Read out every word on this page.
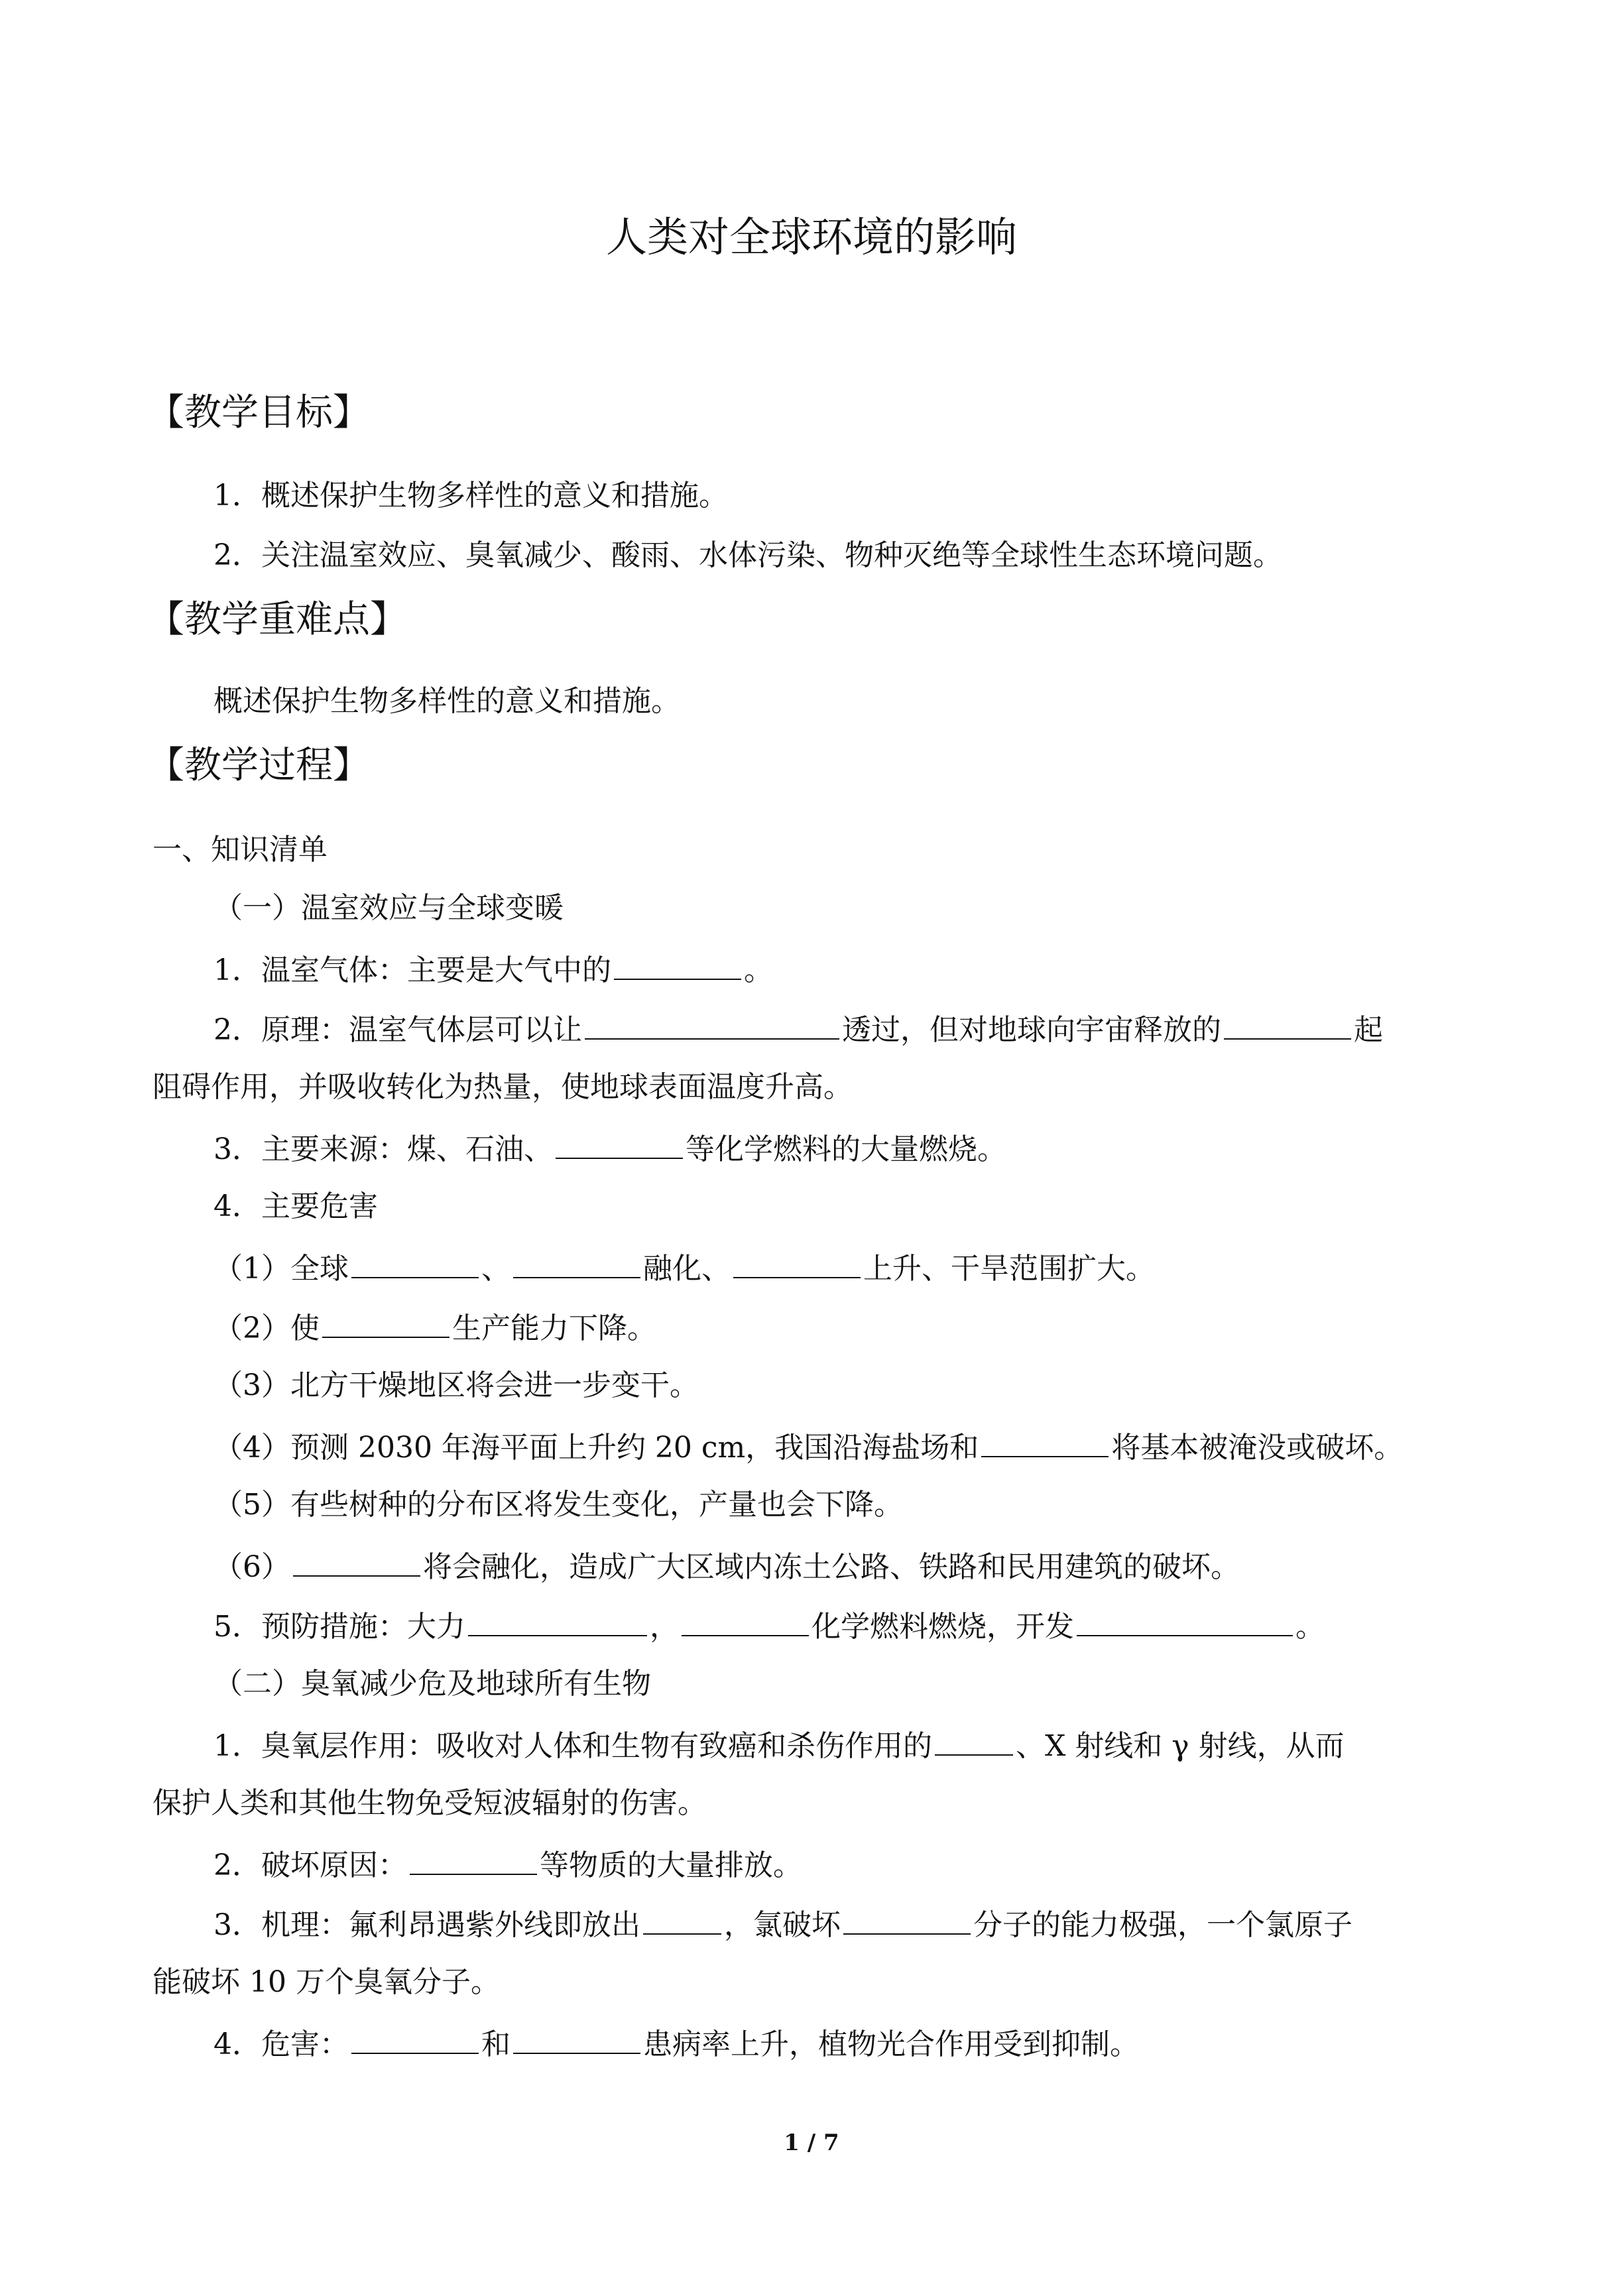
人类对全球环境的影响
【教学目标】
1．概述保护生物多样性的意义和措施。
2．关注温室效应、臭氧减少、酸雨、水体污染、物种灭绝等全球性生态环境问题。
【教学重难点】
概述保护生物多样性的意义和措施。
【教学过程】
一、知识清单
（一）温室效应与全球变暖
1．温室气体：主要是大气中的	。
2．原理：温室气体层可以让	透过，但对地球向宇宙释放的	起
阻碍作用，并吸收转化为热量，使地球表面温度升高。
3．主要来源：煤、石油、	等化学燃料的大量燃烧。
4．主要危害
（1）全球	、	融化、	上升、干旱范围扩大。
（2）使	生产能力下降。
（3）北方干燥地区将会进一步变干。
（4）预测 2030 年海平面上升约 20 cm，我国沿海盐场和	将基本被淹没或破坏。
（5）有些树种的分布区将发生变化，产量也会下降。
（6）	将会融化，造成广大区域内冻土公路、铁路和民用建筑的破坏。
5．预防措施：大力	，	化学燃料燃烧，开发	。
（二）臭氧减少危及地球所有生物
1．臭氧层作用：吸收对人体和生物有致癌和杀伤作用的	、X 射线和 γ 射线，从而
保护人类和其他生物免受短波辐射的伤害。
2．破坏原因：	等物质的大量排放。
3．机理：氟利昂遇紫外线即放出	，氯破坏	分子的能力极强，一个氯原子
能破坏 10 万个臭氧分子。
4．危害：	和	患病率上升，植物光合作用受到抑制。
1 / 7
